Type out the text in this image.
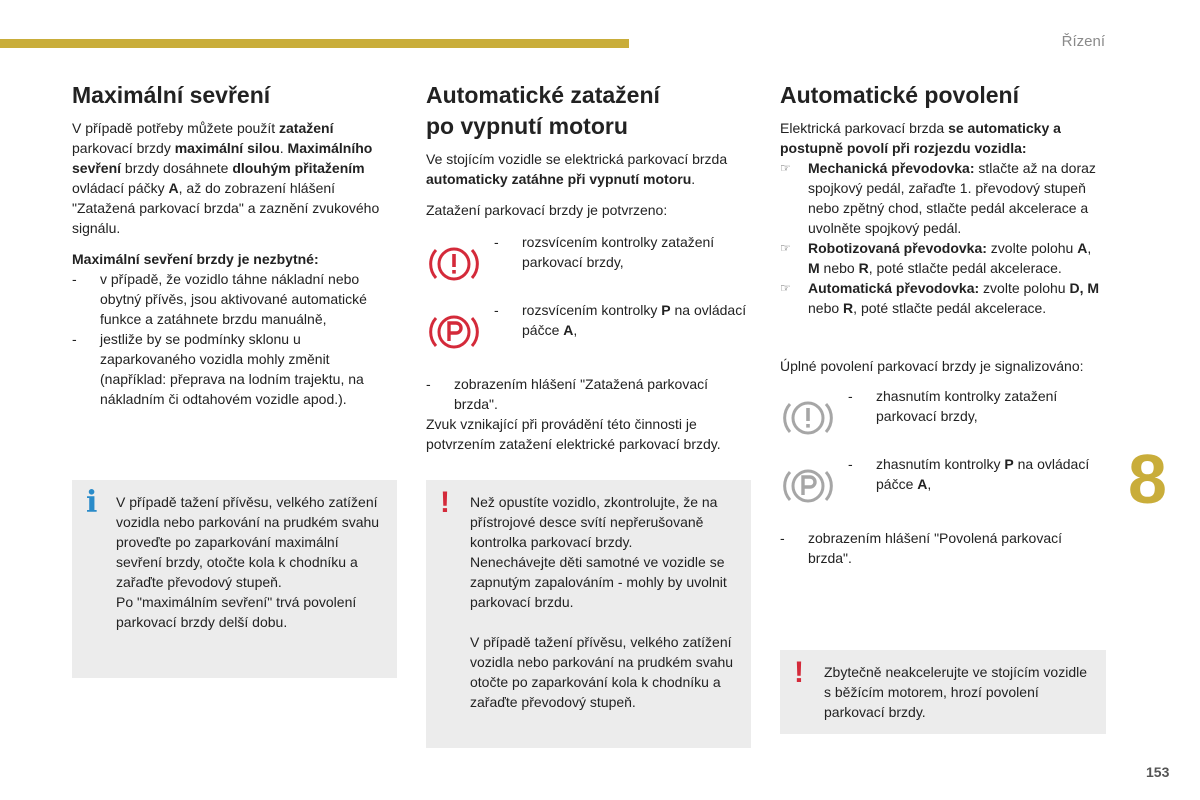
Řízení
Maximální sevření

V případě potřeby můžete použít zatažení parkovací brzdy maximální silou. Maximálního sevření brzdy dosáhnete dlouhým přitažením ovládací páčky A, až do zobrazení hlášení "Zatažená parkovací brzda" a zaznění zvukového signálu.

Maximální sevření brzdy je nezbytné:

-	v případě, že vozidlo táhne nákladní nebo obytný přívěs, jsou aktivované automatické funkce a zatáhnete brzdu manuálně,
-	jestliže by se podmínky sklonu u zaparkovaného vozidla mohly změnit (například: přeprava na lodním trajektu, na nákladním či odtahovém vozidle apod.).
i V případě tažení přívěsu, velkého zatížení vozidla nebo parkování na prudkém svahu proveďte po zaparkování maximální sevření brzdy, otočte kola k chodníku a zařaďte převodový stupeň.

Po "maximálním sevření" trvá povolení parkovací brzdy delší dobu.

Automatické zatažení
po vypnutí motoru

Ve stojícím vozidle se elektrická parkovací brzda automaticky zatáhne při vypnutí motoru.

Zatažení parkovací brzdy je potvrzeno:

-	rozsvícením kontrolky zatažení parkovací brzdy,
-	rozsvícením kontrolky P na ovládací páčce A,
-	zobrazením hlášení "Zatažená parkovací brzda".

Zvuk vznikající při provádění této činnosti je potvrzením zatažení elektrické parkovací brzdy.

! Než opustíte vozidlo, zkontrolujte, že na přístrojové desce svítí nepřerušovaně kontrolka parkovací brzdy.

Nenechávejte děti samotné ve vozidle se zapnutým zapalováním - mohly by uvolnit parkovací brzdu.

V případě tažení přívěsu, velkého zatížení vozidla nebo parkování na prudkém svahu otočte po zaparkování kola k chodníku a zařaďte převodový stupeň.

Automatické povolení

Elektrická parkovací brzda se automaticky a postupně povolí při rozjezdu vozidla:

☞	Mechanická převodovka: stlačte až na doraz spojkový pedál, zařaďte 1. převodový stupeň nebo zpětný chod, stlačte pedál akcelerace a uvolněte spojkový pedál.
☞	Robotizovaná převodovka: zvolte polohu A, M nebo R, poté stlačte pedál akcelerace.
☞	Automatická převodovka: zvolte polohu D, M nebo R, poté stlačte pedál akcelerace.

Úplné povolení parkovací brzdy je signalizováno:

-	zhasnutím kontrolky zatažení parkovací brzdy,
-	zhasnutím kontrolky P na ovládací páčce A,
-	zobrazením hlášení "Povolená parkovací brzda".
! Zbytečně neakcelerujte ve stojícím vozidle s běžícím motorem, hrozí povolení parkovací brzdy.

8
153
